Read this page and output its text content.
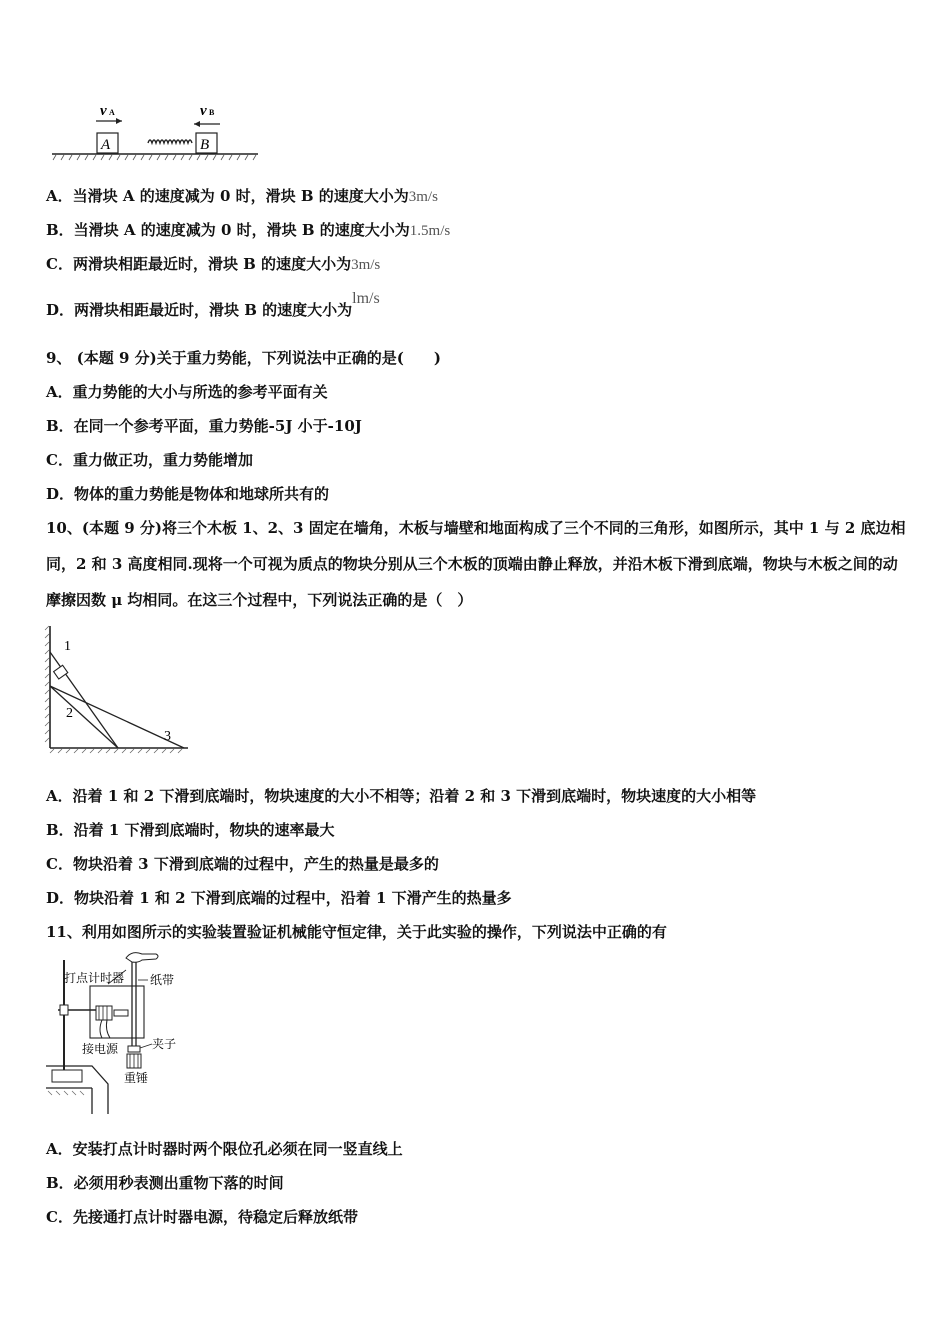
v A	v B
A	B
A．当滑块 A 的速度减为 0 时，滑块 B 的速度大小为3m/s
B．当滑块 A 的速度减为 0 时，滑块 B 的速度大小为1.5m/s
C．两滑块相距最近时，滑块 B 的速度大小为3m/s
D．两滑块相距最近时，滑块 B 的速度大小为lm/s
9、 (本题 9 分)关于重力势能，下列说法中正确的是(　　)
A．重力势能的大小与所选的参考平面有关
B．在同一个参考平面，重力势能-5J 小于-10J
C．重力做正功，重力势能增加
D．物体的重力势能是物体和地球所共有的
10、(本题 9 分)将三个木板 1、2、3 固定在墙角，木板与墙壁和地面构成了三个不同的三角形，如图所示，其中 1 与 2 底边相同，2 和 3 高度相同.现将一个可视为质点的物块分别从三个木板的顶端由静止释放，并沿木板下滑到底端，物块与木板之间的动摩擦因数 μ 均相同。在这三个过程中，下列说法正确的是（　）
1
2
3
A．沿着 1 和 2 下滑到底端时，物块速度的大小不相等；沿着 2 和 3 下滑到底端时，物块速度的大小相等
B．沿着 1 下滑到底端时，物块的速率最大
C．物块沿着 3 下滑到底端的过程中，产生的热量是最多的
D．物块沿着 1 和 2 下滑到底端的过程中，沿着 1 下滑产生的热量多
11、利用如图所示的实验装置验证机械能守恒定律，关于此实验的操作，下列说法中正确的有
打点计时器 纸带
接电源	夹子
重锤
A．安装打点计时器时两个限位孔必须在同一竖直线上
B．必须用秒表测出重物下落的时间
C．先接通打点计时器电源，待稳定后释放纸带
